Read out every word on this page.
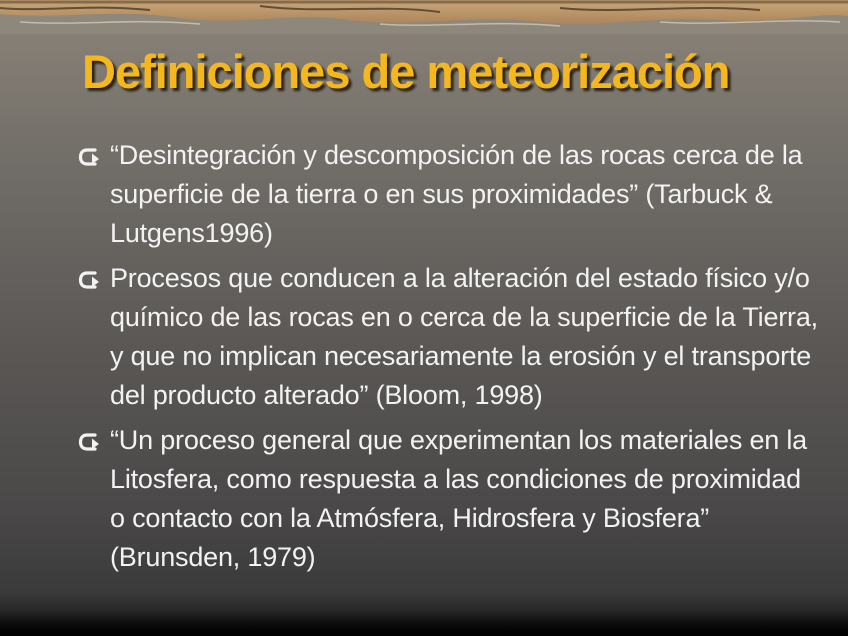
Definiciones de meteorización
“Desintegración y descomposición de las rocas cerca de la superficie de la tierra o en sus proximidades” (Tarbuck & Lutgens1996)
Procesos que conducen a la alteración del estado físico y/o químico de las rocas en o cerca de la superficie de la Tierra, y que no implican necesariamente la erosión y el transporte del producto alterado” (Bloom, 1998)
“Un proceso general que experimentan los materiales en la Litosfera, como respuesta a las condiciones de proximidad o contacto con la Atmósfera, Hidrosfera y Biosfera” (Brunsden, 1979)
